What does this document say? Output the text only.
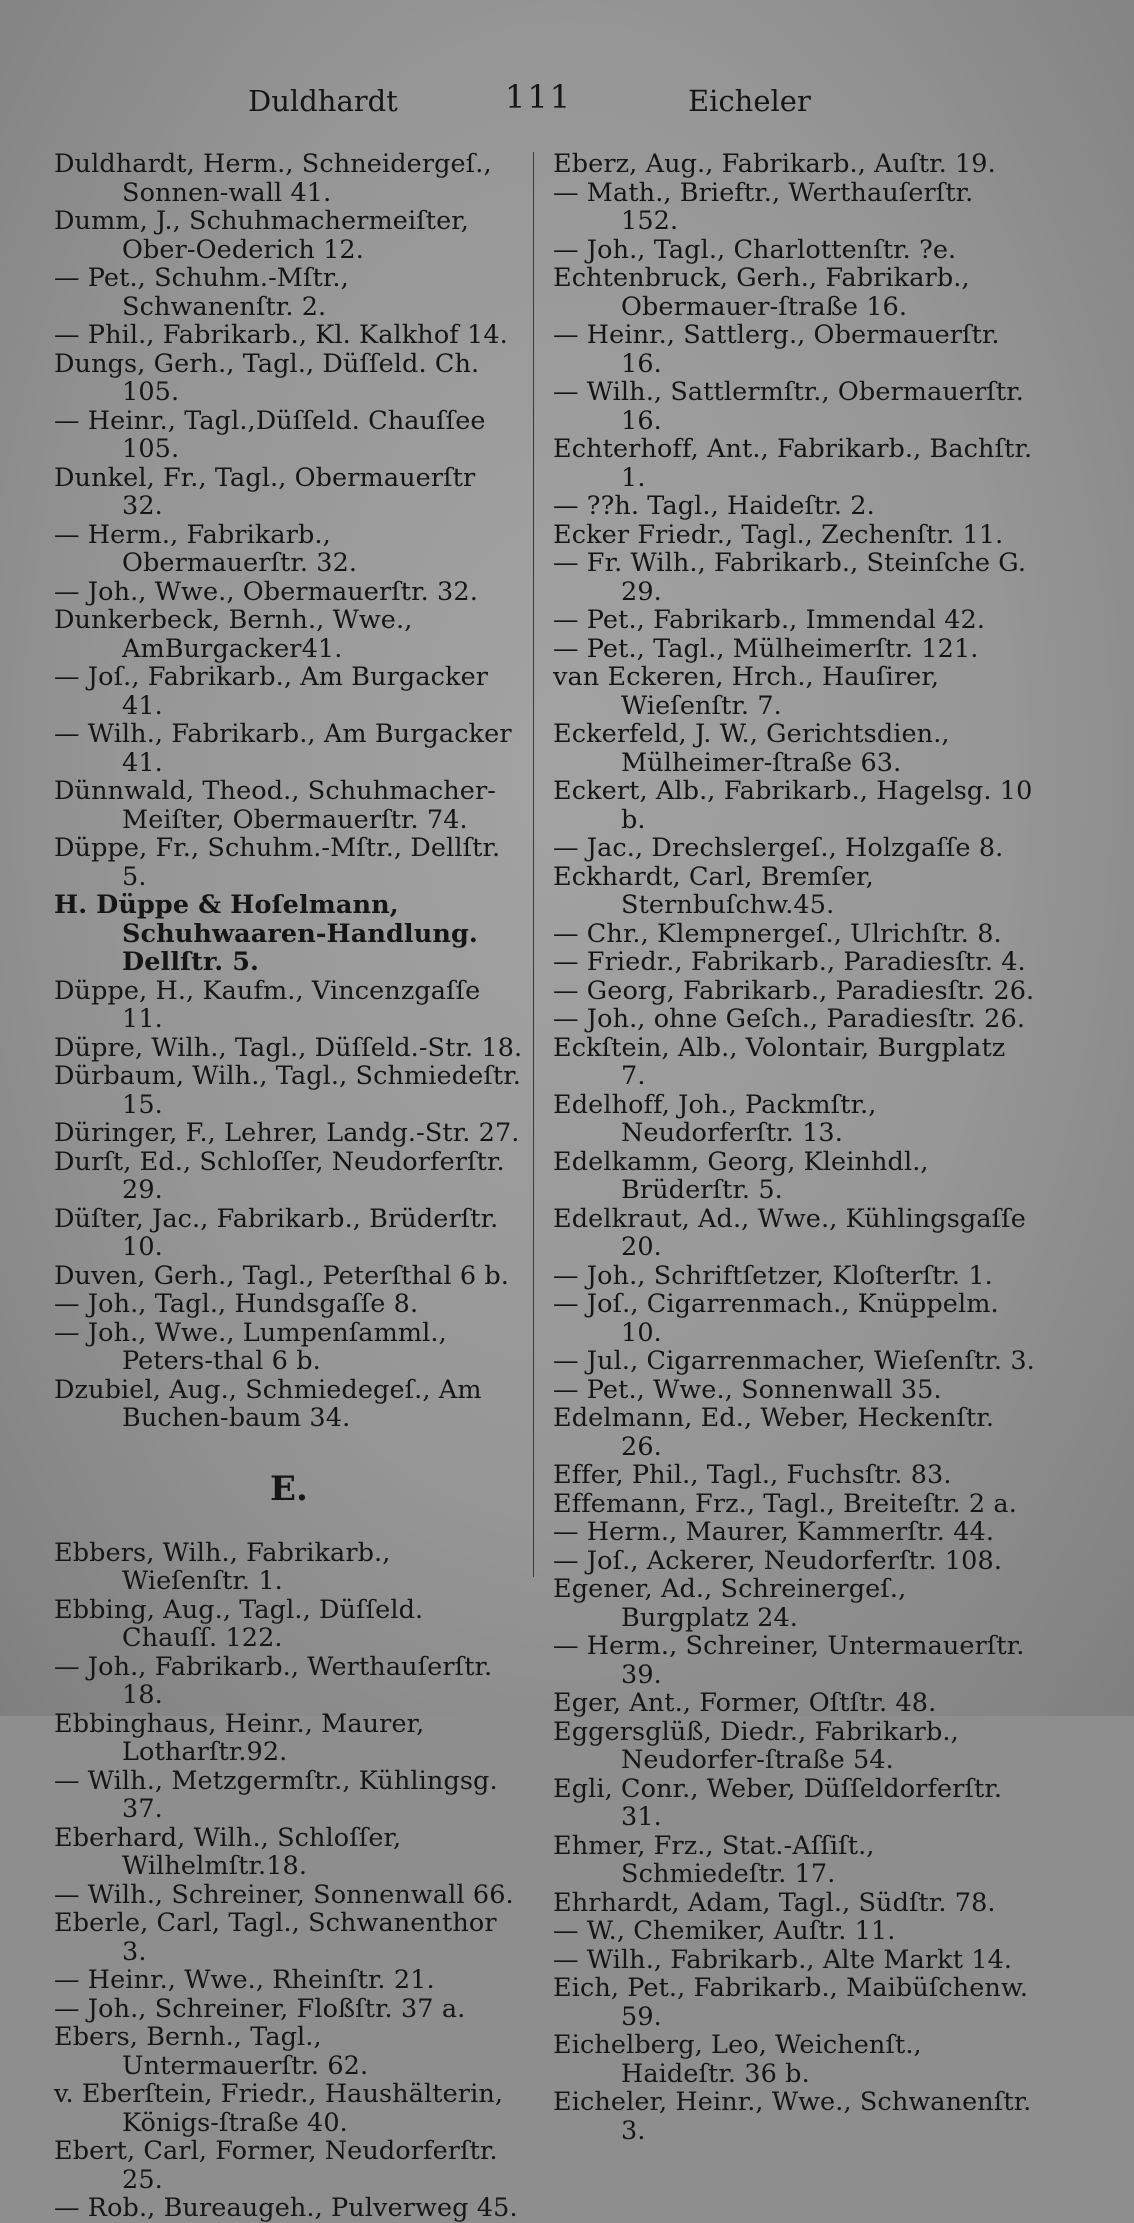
Duldhardt	111	Eicheler
Duldhardt, Herm., Schneidergeſ., Sonnen-wall 41.
Dumm, J., Schuhmachermeiſter, Ober-Oederich 12.
— Pet., Schuhm.-Mſtr., Schwanenſtr. 2.
— Phil., Fabrikarb., Kl. Kalkhof 14.
Dungs, Gerh., Tagl., Düſſeld. Ch. 105.
— Heinr., Tagl.,Düſſeld. Chauſſee 105.
Dunkel, Fr., Tagl., Obermauerſtr 32.
— Herm., Fabrikarb., Obermauerſtr. 32.
— Joh., Wwe., Obermauerſtr. 32.
Dunkerbeck, Bernh., Wwe., AmBurgacker41.
— Joſ., Fabrikarb., Am Burgacker 41.
— Wilh., Fabrikarb., Am Burgacker 41.
Dünnwald, Theod., Schuhmacher-Meiſter, Obermauerſtr. 74.
Düppe, Fr., Schuhm.-Mſtr., Dellſtr. 5.
H. Düppe & Hoſelmann, Schuhwaaren-Handlung. Dellſtr. 5.
Düppe, H., Kaufm., Vincenzgaſſe 11.
Düpre, Wilh., Tagl., Düſſeld.-Str. 18.
Dürbaum, Wilh., Tagl., Schmiedeſtr. 15.
Düringer, F., Lehrer, Landg.-Str. 27.
Durſt, Ed., Schloſſer, Neudorferſtr. 29.
Düſter, Jac., Fabrikarb., Brüderſtr. 10.
Duven, Gerh., Tagl., Peterſthal 6 b.
— Joh., Tagl., Hundsgaſſe 8.
— Joh., Wwe., Lumpenſamml., Peters-thal 6 b.
Dzubiel, Aug., Schmiedegeſ., Am Buchen-baum 34.
E.
Ebbers, Wilh., Fabrikarb., Wieſenſtr. 1.
Ebbing, Aug., Tagl., Düſſeld. Chauſſ. 122.
— Joh., Fabrikarb., Werthauſerſtr. 18.
Ebbinghaus, Heinr., Maurer, Lotharſtr.92.
— Wilh., Metzgermſtr., Kühlingsg. 37.
Eberhard, Wilh., Schloſſer, Wilhelmſtr.18.
— Wilh., Schreiner, Sonnenwall 66.
Eberle, Carl, Tagl., Schwanenthor 3.
— Heinr., Wwe., Rheinſtr. 21.
— Joh., Schreiner, Floßſtr. 37 a.
Ebers, Bernh., Tagl., Untermauerſtr. 62.
v. Eberſtein, Friedr., Haushälterin, Königs-ſtraße 40.
Ebert, Carl, Former, Neudorferſtr. 25.
— Rob., Bureaugeh., Pulverweg 45.
Eberz, Aug., Fabrikarb., Auſtr. 19.
— Math., Brieftr., Werthauſerſtr. 152.
— Joh., Tagl., Charlottenſtr. ?e.
Echtenbruck, Gerh., Fabrikarb., Obermauer-ſtraße 16.
— Heinr., Sattlerg., Obermauerſtr. 16.
— Wilh., Sattlermſtr., Obermauerſtr. 16.
Echterhoff, Ant., Fabrikarb., Bachſtr. 1.
— ??h. Tagl., Haideſtr. 2.
Ecker Friedr., Tagl., Zechenſtr. 11.
— Fr. Wilh., Fabrikarb., Steinſche G. 29.
— Pet., Fabrikarb., Immendal 42.
— Pet., Tagl., Mülheimerſtr. 121.
van Eckeren, Hrch., Hauſirer, Wieſenſtr. 7.
Eckerfeld, J. W., Gerichtsdien., Mülheimer-ſtraße 63.
Eckert, Alb., Fabrikarb., Hagelsg. 10 b.
— Jac., Drechslergeſ., Holzgaſſe 8.
Eckhardt, Carl, Bremſer, Sternbuſchw.45.
— Chr., Klempnergeſ., Ulrichſtr. 8.
— Friedr., Fabrikarb., Paradiesſtr. 4.
— Georg, Fabrikarb., Paradiesſtr. 26.
— Joh., ohne Geſch., Paradiesſtr. 26.
Eckſtein, Alb., Volontair, Burgplatz 7.
Edelhoff, Joh., Packmſtr., Neudorferſtr. 13.
Edelkamm, Georg, Kleinhdl., Brüderſtr. 5.
Edelkraut, Ad., Wwe., Kühlingsgaſſe 20.
— Joh., Schriftſetzer, Kloſterſtr. 1.
— Joſ., Cigarrenmach., Knüppelm. 10.
— Jul., Cigarrenmacher, Wieſenſtr. 3.
— Pet., Wwe., Sonnenwall 35.
Edelmann, Ed., Weber, Heckenſtr. 26.
Effer, Phil., Tagl., Fuchsſtr. 83.
Effemann, Frz., Tagl., Breiteſtr. 2 a.
— Herm., Maurer, Kammerſtr. 44.
— Joſ., Ackerer, Neudorferſtr. 108.
Egener, Ad., Schreinergeſ., Burgplatz 24.
— Herm., Schreiner, Untermauerſtr. 39.
Eger, Ant., Former, Oſtſtr. 48.
Eggersglüß, Diedr., Fabrikarb., Neudorfer-ſtraße 54.
Egli, Conr., Weber, Düſſeldorferſtr. 31.
Ehmer, Frz., Stat.-Aſſiſt., Schmiedeſtr. 17.
Ehrhardt, Adam, Tagl., Südſtr. 78.
— W., Chemiker, Auſtr. 11.
— Wilh., Fabrikarb., Alte Markt 14.
Eich, Pet., Fabrikarb., Maibüſchenw. 59.
Eichelberg, Leo, Weichenſt., Haideſtr. 36 b.
Eicheler, Heinr., Wwe., Schwanenſtr. 3.
